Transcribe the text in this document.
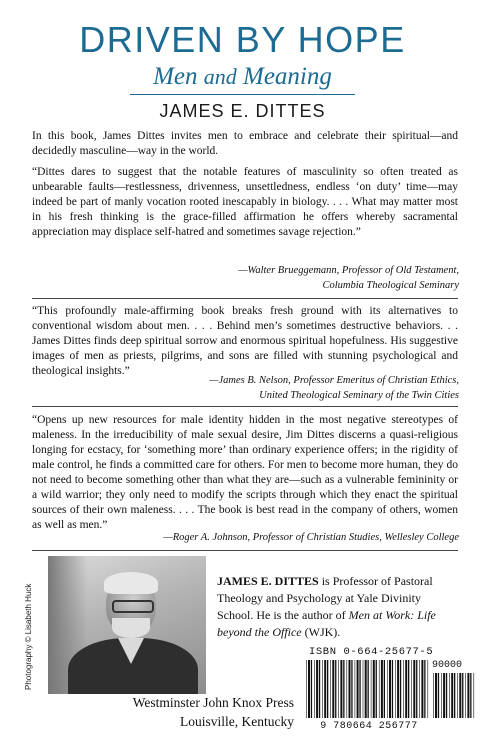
DRIVEN BY HOPE
Men and Meaning
JAMES E. DITTES
In this book, James Dittes invites men to embrace and celebrate their spiritual—and decidedly masculine—way in the world.
“Dittes dares to suggest that the notable features of masculinity so often treated as unbearable faults—restlessness, drivenness, unsettledness, endless ‘on duty’ time—may indeed be part of manly vocation rooted inescapably in biology. . . . What may matter most in his fresh thinking is the grace-filled affirmation he offers whereby sacramental appreciation may displace self-hatred and sometimes savage rejection.”
—Walter Brueggemann, Professor of Old Testament,
Columbia Theological Seminary
“This profoundly male-affirming book breaks fresh ground with its alternatives to conventional wisdom about men. . . . Behind men’s sometimes destructive behaviors. . . James Dittes finds deep spiritual sorrow and enormous spiritual hopefulness. His suggestive images of men as priests, pilgrims, and sons are filled with stunning psychological and theological insights.”
—James B. Nelson, Professor Emeritus of Christian Ethics,
United Theological Seminary of the Twin Cities
“Opens up new resources for male identity hidden in the most negative stereotypes of maleness. In the irreducibility of male sexual desire, Jim Dittes discerns a quasi-religious longing for ecstacy, for ‘something more’ than ordinary experience offers; in the rigidity of male control, he finds a committed care for others. For men to become more human, they do not need to become something other than what they are—such as a vulnerable femininity or a wild warrior; they only need to modify the scripts through which they enact the spiritual sources of their own maleness. . . . The book is best read in the company of others, women as well as men.”
—Roger A. Johnson, Professor of Christian Studies, Wellesley College
Photography © Lisabeth Huck
JAMES E. DITTES is Professor of Pastoral Theology and Psychology at Yale Divinity School. He is the author of Men at Work: Life beyond the Office (WJK).
Westminster John Knox Press
Louisville, Kentucky
ISBN 0-664-25677-5
90000
9 780664 256777
